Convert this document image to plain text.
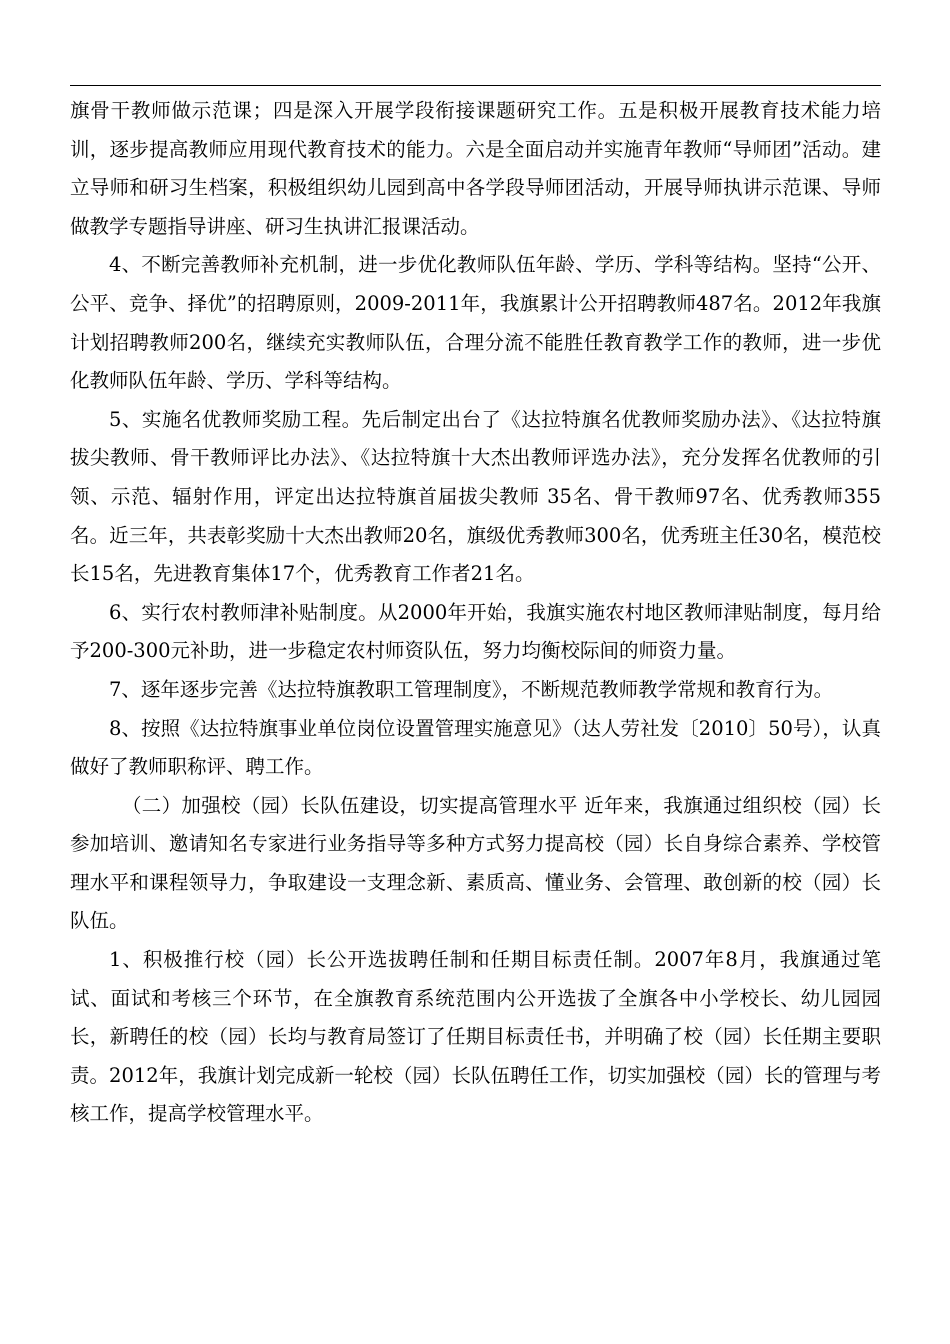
旗骨干教师做示范课；四是深入开展学段衔接课题研究工作。五是积极开展教育技术能力培训，逐步提高教师应用现代教育技术的能力。六是全面启动并实施青年教师“导师团”活动。建立导师和研习生档案，积极组织幼儿园到高中各学段导师团活动，开展导师执讲示范课、导师做教学专题指导讲座、研习生执讲汇报课活动。

4、不断完善教师补充机制，进一步优化教师队伍年龄、学历、学科等结构。坚持“公开、公平、竞争、择优”的招聘原则，2009-2011年，我旗累计公开招聘教师487名。2012年我旗计划招聘教师200名，继续充实教师队伍，合理分流不能胜任教育教学工作的教师，进一步优化教师队伍年龄、学历、学科等结构。

5、实施名优教师奖励工程。先后制定出台了《达拉特旗名优教师奖励办法》、《达拉特旗拔尖教师、骨干教师评比办法》、《达拉特旗十大杰出教师评选办法》，充分发挥名优教师的引领、示范、辐射作用，评定出达拉特旗首届拔尖教师 35名、骨干教师97名、优秀教师355名。近三年，共表彰奖励十大杰出教师20名，旗级优秀教师300名，优秀班主任30名，模范校长15名，先进教育集体17个，优秀教育工作者21名。

6、实行农村教师津补贴制度。从2000年开始，我旗实施农村地区教师津贴制度，每月给予200-300元补助，进一步稳定农村师资队伍，努力均衡校际间的师资力量。

7、逐年逐步完善《达拉特旗教职工管理制度》，不断规范教师教学常规和教育行为。

8、按照《达拉特旗事业单位岗位设置管理实施意见》（达人劳社发〔2010〕50号），认真做好了教师职称评、聘工作。

（二）加强校（园）长队伍建设，切实提高管理水平 近年来，我旗通过组织校（园）长参加培训、邀请知名专家进行业务指导等多种方式努力提高校（园）长自身综合素养、学校管理水平和课程领导力，争取建设一支理念新、素质高、懂业务、会管理、敢创新的校（园）长队伍。

1、积极推行校（园）长公开选拔聘任制和任期目标责任制。2007年8月，我旗通过笔试、面试和考核三个环节，在全旗教育系统范围内公开选拔了全旗各中小学校长、幼儿园园长，新聘任的校（园）长均与教育局签订了任期目标责任书，并明确了校（园）长任期主要职责。2012年，我旗计划完成新一轮校（园）长队伍聘任工作，切实加强校（园）长的管理与考核工作，提高学校管理水平。
